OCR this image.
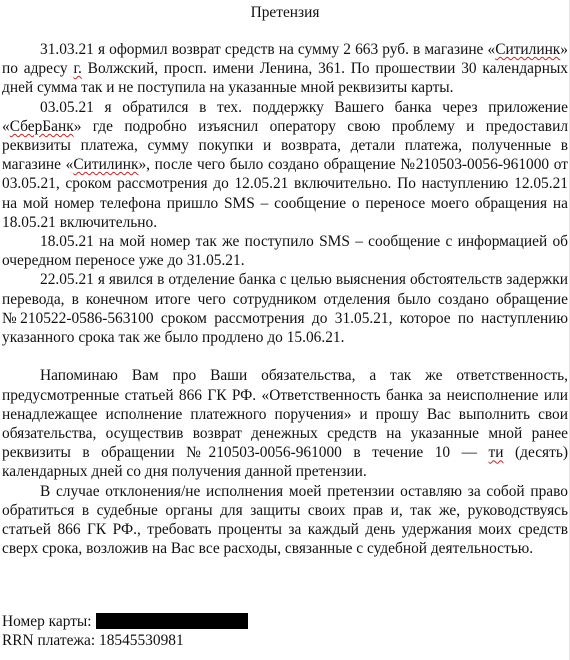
Претензия

31.03.21 я оформил возврат средств на сумму 2 663 руб. в магазине «Ситилинк» по адресу г. Волжский, просп. имени Ленина, 361. По прошествии 30 календарных дней сумма так и не поступила на указанные мной реквизиты карты.

03.05.21 я обратился в тех. поддержку Вашего банка через приложение «СберБанк» где подробно изъяснил оператору свою проблему и предоставил реквизиты платежа, сумму покупки и возврата, детали платежа, полученные в магазине «Ситилинк», после чего было создано обращение №210503-0056-961000 от 03.05.21, сроком рассмотрения до 12.05.21 включительно. По наступлению 12.05.21 на мой номер телефона пришло SMS – сообщение о переносе моего обращения на 18.05.21 включительно.

18.05.21 на мой номер так же поступило SMS – сообщение с информацией об очередном переносе уже до 31.05.21.

22.05.21 я явился в отделение банка с целью выяснения обстоятельств задержки перевода, в конечном итоге чего сотрудником отделения было создано обращение №210522-0586-563100 сроком рассмотрения до 31.05.21, которое по наступлению указанного срока так же было продлено до 15.06.21.

Напоминаю Вам про Ваши обязательства, а так же ответственность, предусмотренные статьей 866 ГК РФ. «Ответственность банка за неисполнение или ненадлежащее исполнение платежного поручения» и прошу Вас выполнить свои обязательства, осуществив возврат денежных средств на указанные мной ранее реквизиты в обращении №210503-0056-961000 в течение 10 — ти (десять) календарных дней со дня получения данной претензии.

В случае отклонения/не исполнения моей претензии оставляю за собой право обратиться в судебные органы для защиты своих прав и, так же, руководствуясь статьей 866 ГК РФ., требовать проценты за каждый день удержания моих средств сверх срока, возложив на Вас все расходы, связанные с судебной деятельностью.

Номер карты:
RRN платежа: 18545530981
